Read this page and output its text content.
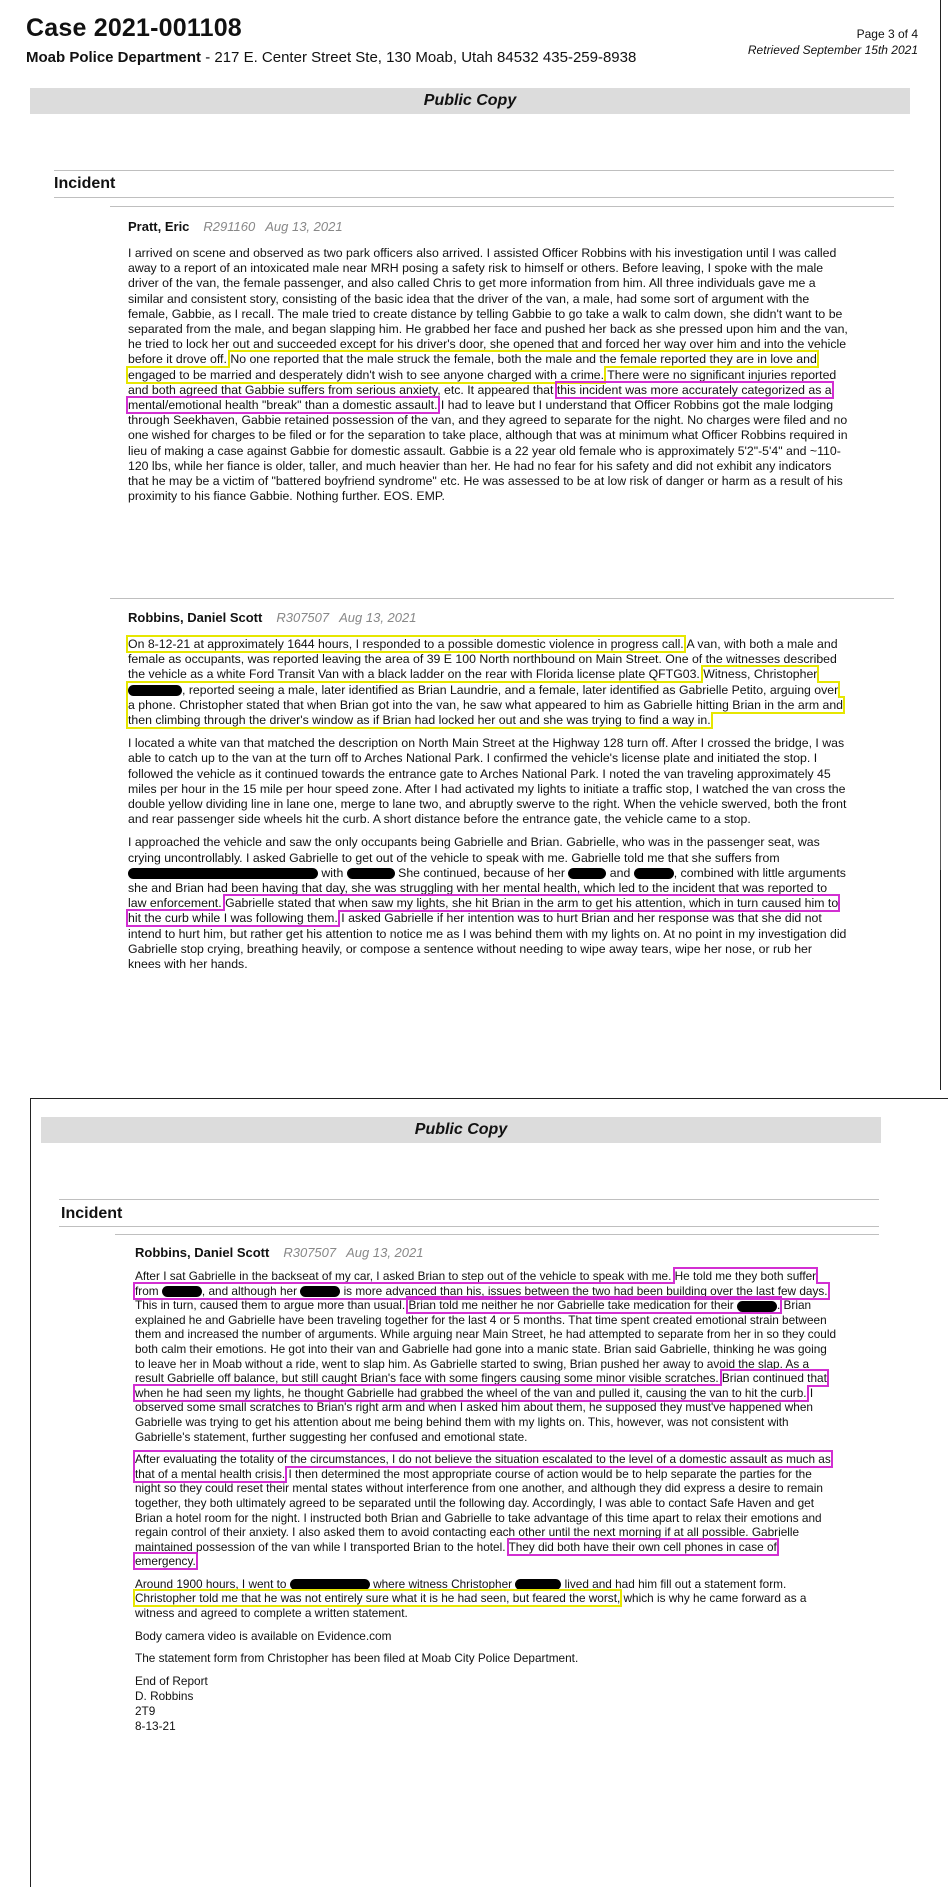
Case 2021-001108
Moab Police Department - 217 E. Center Street Ste, 130 Moab, Utah 84532 435-259-8938
Page 3 of 4
Retrieved September 15th 2021
Public Copy
Incident
Pratt, Eric R291160 Aug 13, 2021
I arrived on scene and observed as two park officers also arrived. I assisted Officer Robbins with his investigation until I was called away to a report of an intoxicated male near MRH posing a safety risk to himself or others. Before leaving, I spoke with the male driver of the van, the female passenger, and also called Chris to get more information from him. All three individuals gave me a similar and consistent story, consisting of the basic idea that the driver of the van, a male, had some sort of argument with the female, Gabbie, as I recall. The male tried to create distance by telling Gabbie to go take a walk to calm down, she didn't want to be separated from the male, and began slapping him. He grabbed her face and pushed her back as she pressed upon him and the van, he tried to lock her out and succeeded except for his driver's door, she opened that and forced her way over him and into the vehicle before it drove off. No one reported that the male struck the female, both the male and the female reported they are in love and engaged to be married and desperately didn't wish to see anyone charged with a crime. There were no significant injuries reported and both agreed that Gabbie suffers from serious anxiety, etc. It appeared that this incident was more accurately categorized as a mental/emotional health "break" than a domestic assault. I had to leave but I understand that Officer Robbins got the male lodging through Seekhaven, Gabbie retained possession of the van, and they agreed to separate for the night. No charges were filed and no one wished for charges to be filed or for the separation to take place, although that was at minimum what Officer Robbins required in lieu of making a case against Gabbie for domestic assault. Gabbie is a 22 year old female who is approximately 5'2"-5'4" and ~110-120 lbs, while her fiance is older, taller, and much heavier than her. He had no fear for his safety and did not exhibit any indicators that he may be a victim of "battered boyfriend syndrome" etc. He was assessed to be at low risk of danger or harm as a result of his proximity to his fiance Gabbie. Nothing further. EOS. EMP.
Robbins, Daniel Scott R307507 Aug 13, 2021

On 8-12-21 at approximately 1644 hours, I responded to a possible domestic violence in progress call. A van, with both a male and female as occupants, was reported leaving the area of 39 E 100 North northbound on Main Street. One of the witnesses described the vehicle as a white Ford Transit Van with a black ladder on the rear with Florida license plate QFTG03. Witness, Christopher , reported seeing a male, later identified as Brian Laundrie, and a female, later identified as Gabrielle Petito, arguing over a phone. Christopher stated that when Brian got into the van, he saw what appeared to him as Gabrielle hitting Brian in the arm and then climbing through the driver's window as if Brian had locked her out and she was trying to find a way in.

I located a white van that matched the description on North Main Street at the Highway 128 turn off. After I crossed the bridge, I was able to catch up to the van at the turn off to Arches National Park. I confirmed the vehicle's license plate and initiated the stop. I followed the vehicle as it continued towards the entrance gate to Arches National Park. I noted the van traveling approximately 45 miles per hour in the 15 mile per hour speed zone. After I had activated my lights to initiate a traffic stop, I watched the van cross the double yellow dividing line in lane one, merge to lane two, and abruptly swerve to the right. When the vehicle swerved, both the front and rear passenger side wheels hit the curb. A short distance before the entrance gate, the vehicle came to a stop.

I approached the vehicle and saw the only occupants being Gabrielle and Brian. Gabrielle, who was in the passenger seat, was crying uncontrollably. I asked Gabrielle to get out of the vehicle to speak with me. Gabrielle told me that she suffers from  with	She continued, because of her	and	, combined with little arguments she and Brian had been having that day, she was struggling with her mental health, which led to the incident that was reported to law enforcement. Gabrielle stated that when saw my lights, she hit Brian in the arm to get his attention, which in turn caused him to hit the curb while I was following them. I asked Gabrielle if her intention was to hurt Brian and her response was that she did not intend to hurt him, but rather get his attention to notice me as I was behind them with my lights on. At no point in my investigation did Gabrielle stop crying, breathing heavily, or compose a sentence without needing to wipe away tears, wipe her nose, or rub her knees with her hands.

Public Copy
Incident
Robbins, Daniel Scott R307507 Aug 13, 2021

After I sat Gabrielle in the backseat of my car, I asked Brian to step out of the vehicle to speak with me. He told me they both suffer from	, and although her	is more advanced than his, issues between the two had been building over the last few days. This in turn, caused them to argue more than usual. Brian told me neither he nor Gabrielle take medication for their	. Brian explained he and Gabrielle have been traveling together for the last 4 or 5 months. That time spent created emotional strain between them and increased the number of arguments. While arguing near Main Street, he had attempted to separate from her in so they could both calm their emotions. He got into their van and Gabrielle had gone into a manic state. Brian said Gabrielle, thinking he was going to leave her in Moab without a ride, went to slap him. As Gabrielle started to swing, Brian pushed her away to avoid the slap. As a result Gabrielle off balance, but still caught Brian's face with some fingers causing some minor visible scratches. Brian continued that when he had seen my lights, he thought Gabrielle had grabbed the wheel of the van and pulled it, causing the van to hit the curb. I observed some small scratches to Brian's right arm and when I asked him about them, he supposed they must've happened when Gabrielle was trying to get his attention about me being behind them with my lights on. This, however, was not consistent with Gabrielle's statement, further suggesting her confused and emotional state.

After evaluating the totality of the circumstances, I do not believe the situation escalated to the level of a domestic assault as much as that of a mental health crisis. I then determined the most appropriate course of action would be to help separate the parties for the night so they could reset their mental states without interference from one another, and although they did express a desire to remain together, they both ultimately agreed to be separated until the following day. Accordingly, I was able to contact Safe Haven and get Brian a hotel room for the night. I instructed both Brian and Gabrielle to take advantage of this time apart to relax their emotions and regain control of their anxiety. I also asked them to avoid contacting each other until the next morning if at all possible. Gabrielle maintained possession of the van while I transported Brian to the hotel. They did both have their own cell phones in case of emergency.

Around 1900 hours, I went to	where witness Christopher	lived and had him fill out a statement form. Christopher told me that he was not entirely sure what it is he had seen, but feared the worst, which is why he came forward as a witness and agreed to complete a written statement.

Body camera video is available on Evidence.com

The statement form from Christopher has been filed at Moab City Police Department.

End of Report
D. Robbins
2T9
8-13-21
